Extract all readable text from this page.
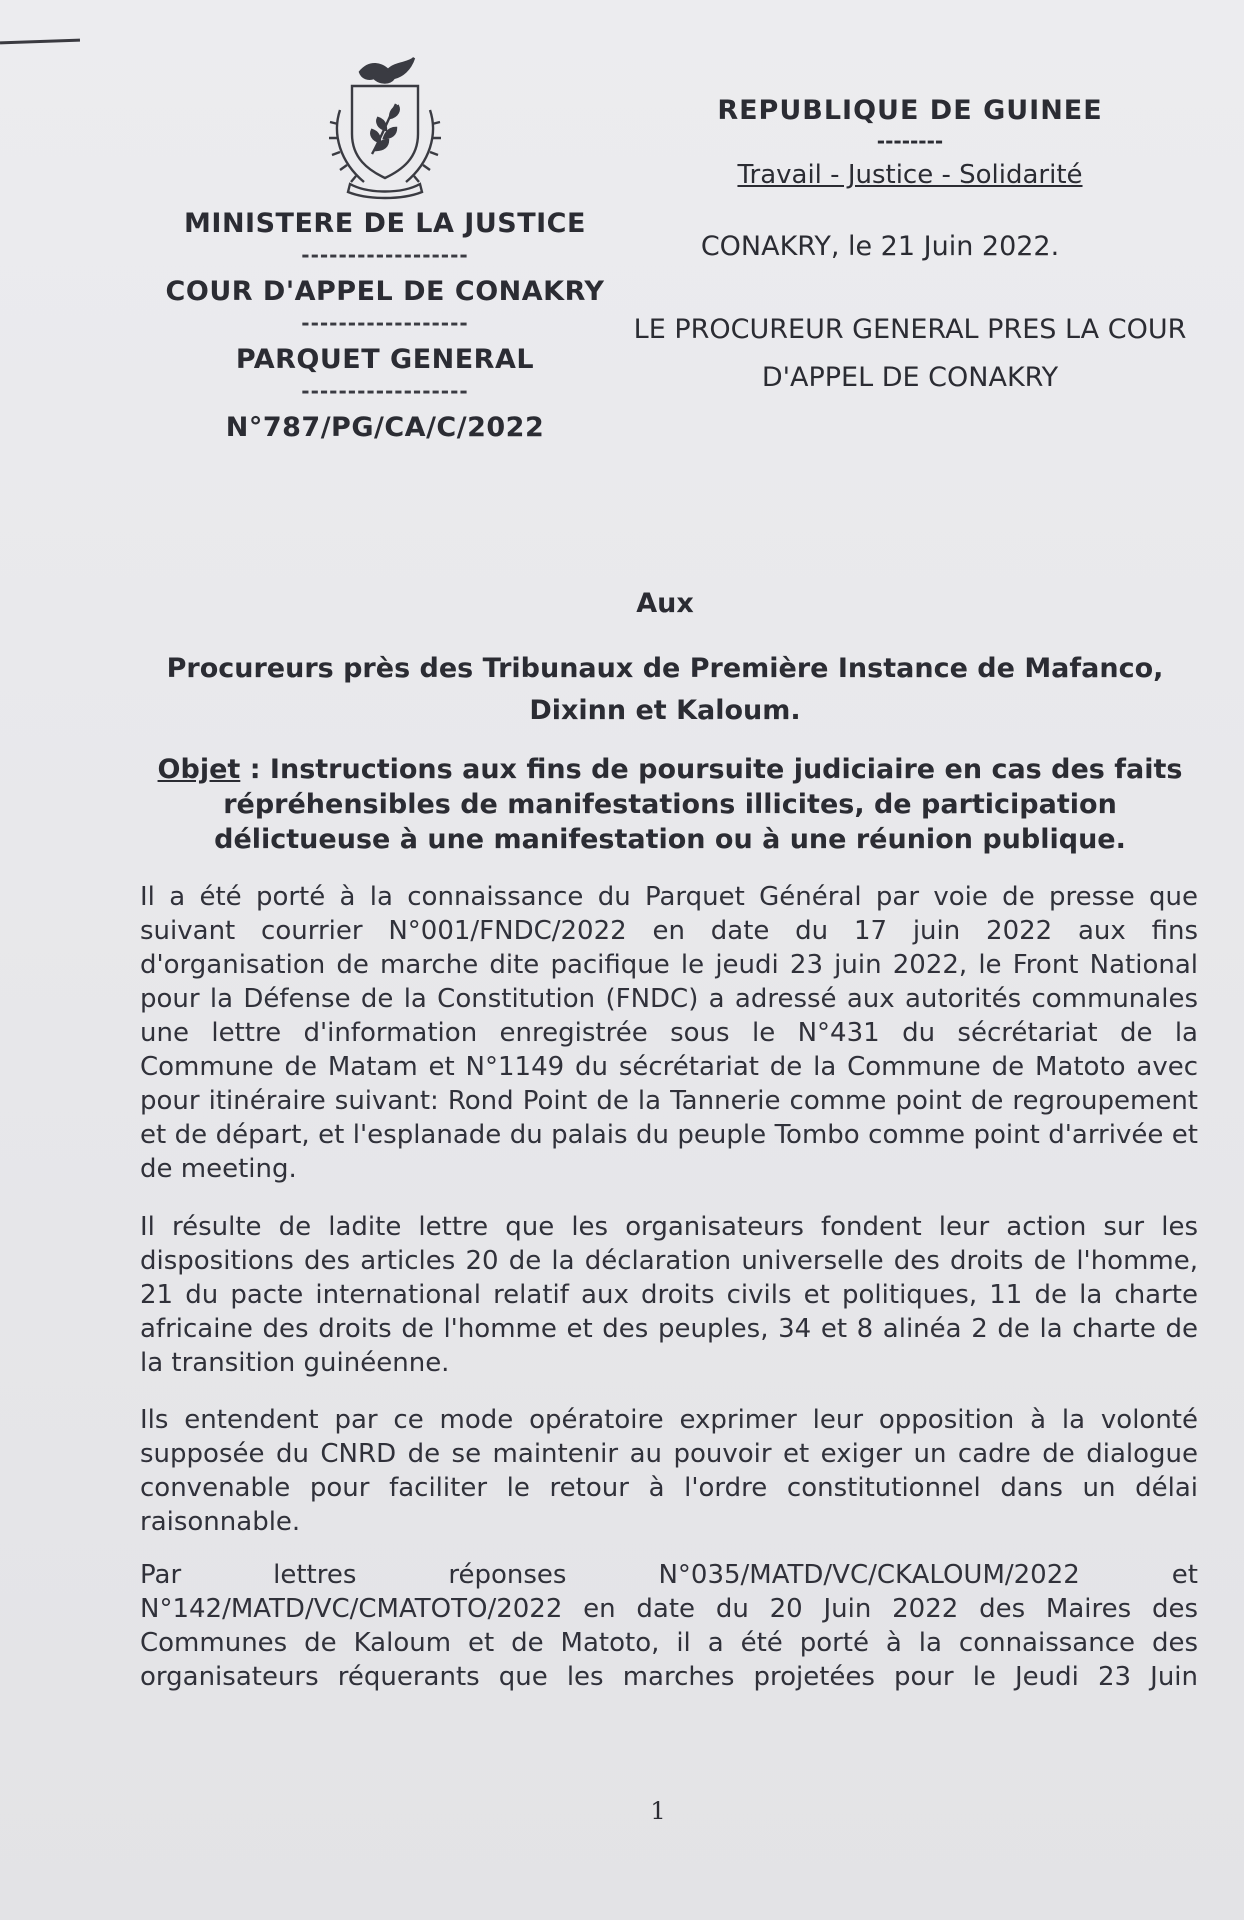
MINISTERE DE LA JUSTICE
------------------
COUR D'APPEL DE CONAKRY
------------------
PARQUET GENERAL
------------------
N°787/PG/CA/C/2022
REPUBLIQUE DE GUINEE
--------
Travail - Justice - Solidarité
CONAKRY, le 21 Juin 2022.
LE PROCUREUR GENERAL PRES LA COUR
D'APPEL DE CONAKRY
Aux
Procureurs près des Tribunaux de Première Instance de Mafanco, Dixinn et Kaloum.
Objet : Instructions aux fins de poursuite judiciaire en cas des faits répréhensibles de manifestations illicites, de participation délictueuse à une manifestation ou à une réunion publique.

Il a été porté à la connaissance du Parquet Général par voie de presse que suivant courrier N°001/FNDC/2022 en date du 17 juin 2022 aux fins d'organisation de marche dite pacifique le jeudi 23 juin 2022, le Front National pour la Défense de la Constitution (FNDC) a adressé aux autorités communales une lettre d'information enregistrée sous le N°431 du sécrétariat de la Commune de Matam et N°1149 du sécrétariat de la Commune de Matoto avec pour itinéraire suivant: Rond Point de la Tannerie comme point de regroupement et de départ, et l'esplanade du palais du peuple Tombo comme point d'arrivée et de meeting.

Il résulte de ladite lettre que les organisateurs fondent leur action sur les dispositions des articles 20 de la déclaration universelle des droits de l'homme, 21 du pacte international relatif aux droits civils et politiques, 11 de la charte africaine des droits de l'homme et des peuples, 34 et 8 alinéa 2 de la charte de la transition guinéenne.

Ils entendent par ce mode opératoire exprimer leur opposition à la volonté supposée du CNRD de se maintenir au pouvoir et exiger un cadre de dialogue convenable pour faciliter le retour à l'ordre constitutionnel dans un délai raisonnable.

Par lettres réponses N°035/MATD/VC/CKALOUM/2022 et N°142/MATD/VC/CMATOTO/2022 en date du 20 Juin 2022 des Maires des Communes de Kaloum et de Matoto, il a été porté à la connaissance des organisateurs réquerants que les marches projetées pour le Jeudi 23 Juin

1
